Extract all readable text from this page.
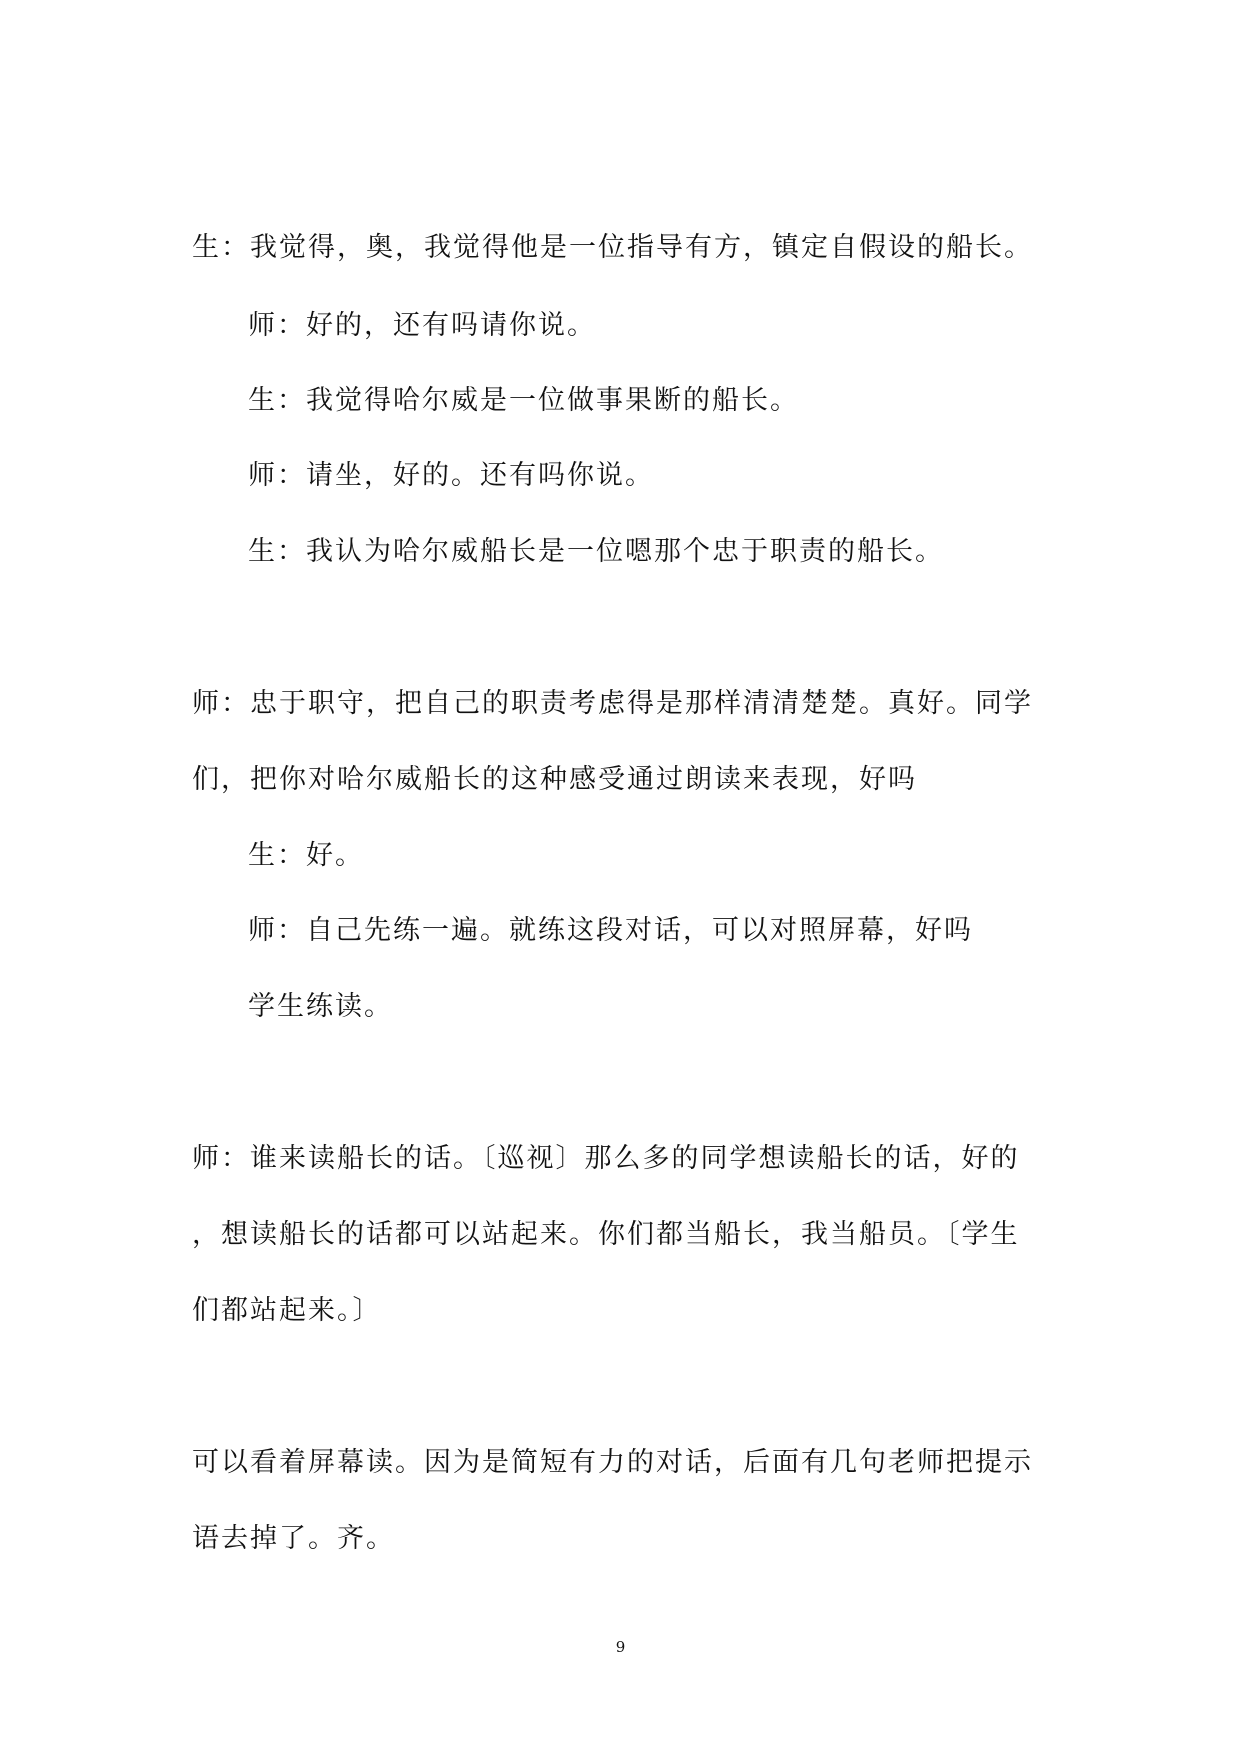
生：我觉得，奥，我觉得他是一位指导有方，镇定自假设的船长。
师：好的，还有吗请你说。
生：我觉得哈尔威是一位做事果断的船长。
师：请坐，好的。还有吗你说。
生：我认为哈尔威船长是一位嗯那个忠于职责的船长。
师：忠于职守，把自己的职责考虑得是那样清清楚楚。真好。同学
们，把你对哈尔威船长的这种感受通过朗读来表现，好吗
生：好。
师：自己先练一遍。就练这段对话，可以对照屏幕，好吗
学生练读。
师：谁来读船长的话。〔巡视〕那么多的同学想读船长的话，好的
，想读船长的话都可以站起来。你们都当船长，我当船员。〔学生
们都站起来。〕
可以看着屏幕读。因为是简短有力的对话，后面有几句老师把提示
语去掉了。齐。
9
